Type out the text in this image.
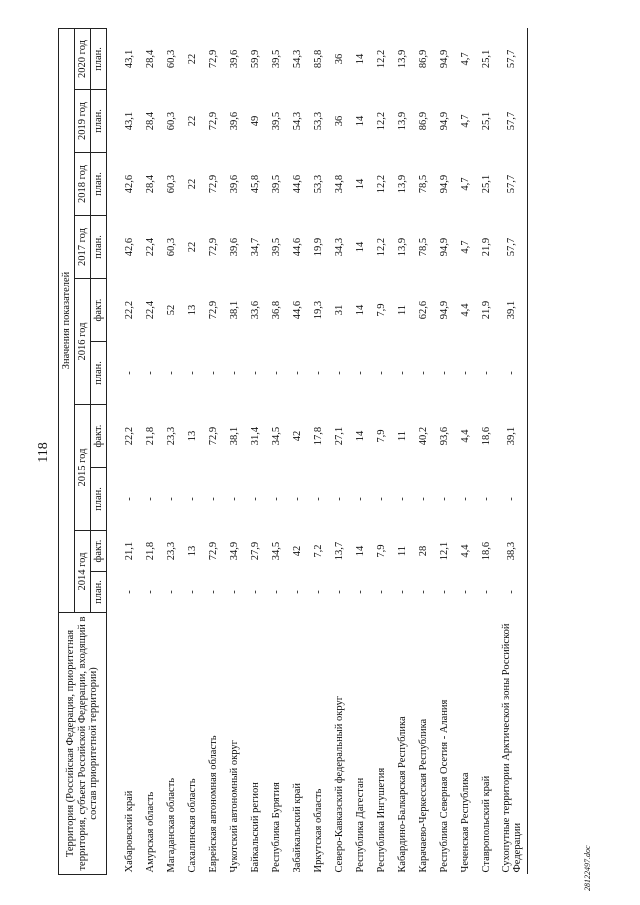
118
Территория (Российская Федерация, приоритетная территория, субъект Российской Федерации, входящий в состав приоритетной территории)	Значения показателей									
	2014 год		2015 год		2016 год		2017 год	2018 год	2019 год	2020 год
	план.	факт.	план.	факт.	план.	факт.	план.	план.	план.	план.

Хабаровский край	-	21,1	-	22,2	-	22,2	42,6	42,6	43,1	43,1
Амурская область	-	21,8	-	21,8	-	22,4	22,4	28,4	28,4	28,4
Магаданская область	-	23,3	-	23,3	-	52	60,3	60,3	60,3	60,3
Сахалинская область	-	13	-	13	-	13	22	22	22	22
Еврейская автономная область	-	72,9	-	72,9	-	72,9	72,9	72,9	72,9	72,9
Чукотский автономный округ	-	34,9	-	38,1	-	38,1	39,6	39,6	39,6	39,6
Байкальский регион	-	27,9	-	31,4	-	33,6	34,7	45,8	49	59,9
Республика Бурятия	-	34,5	-	34,5	-	36,8	39,5	39,5	39,5	39,5
Забайкальский край	-	42	-	42	-	44,6	44,6	44,6	54,3	54,3
Иркутская область	-	7,2	-	17,8	-	19,3	19,9	53,3	53,3	85,8
Северо-Кавказский федеральный округ	-	13,7	-	27,1	-	31	34,3	34,8	36	36
Республика Дагестан	-	14	-	14	-	14	14	14	14	14
Республика Ингушетия	-	7,9	-	7,9	-	7,9	12,2	12,2	12,2	12,2
Кабардино-Балкарская Республика	-	11	-	11	-	11	13,9	13,9	13,9	13,9
Карачаево-Черкесская Республика	-	28	-	40,2	-	62,6	78,5	78,5	86,9	86,9
Республика Северная Осетия - Алания	-	12,1	-	93,6	-	94,9	94,9	94,9	94,9	94,9
Чеченская Республика	-	4,4	-	4,4	-	4,4	4,7	4,7	4,7	4,7
Ставропольский край	-	18,6	-	18,6	-	21,9	21,9	25,1	25,1	25,1
Сухопутные территории Арктической зоны Российской Федерации	-	38,3	-	39,1	-	39,1	57,7	57,7	57,7	57,7
28122497.doc
